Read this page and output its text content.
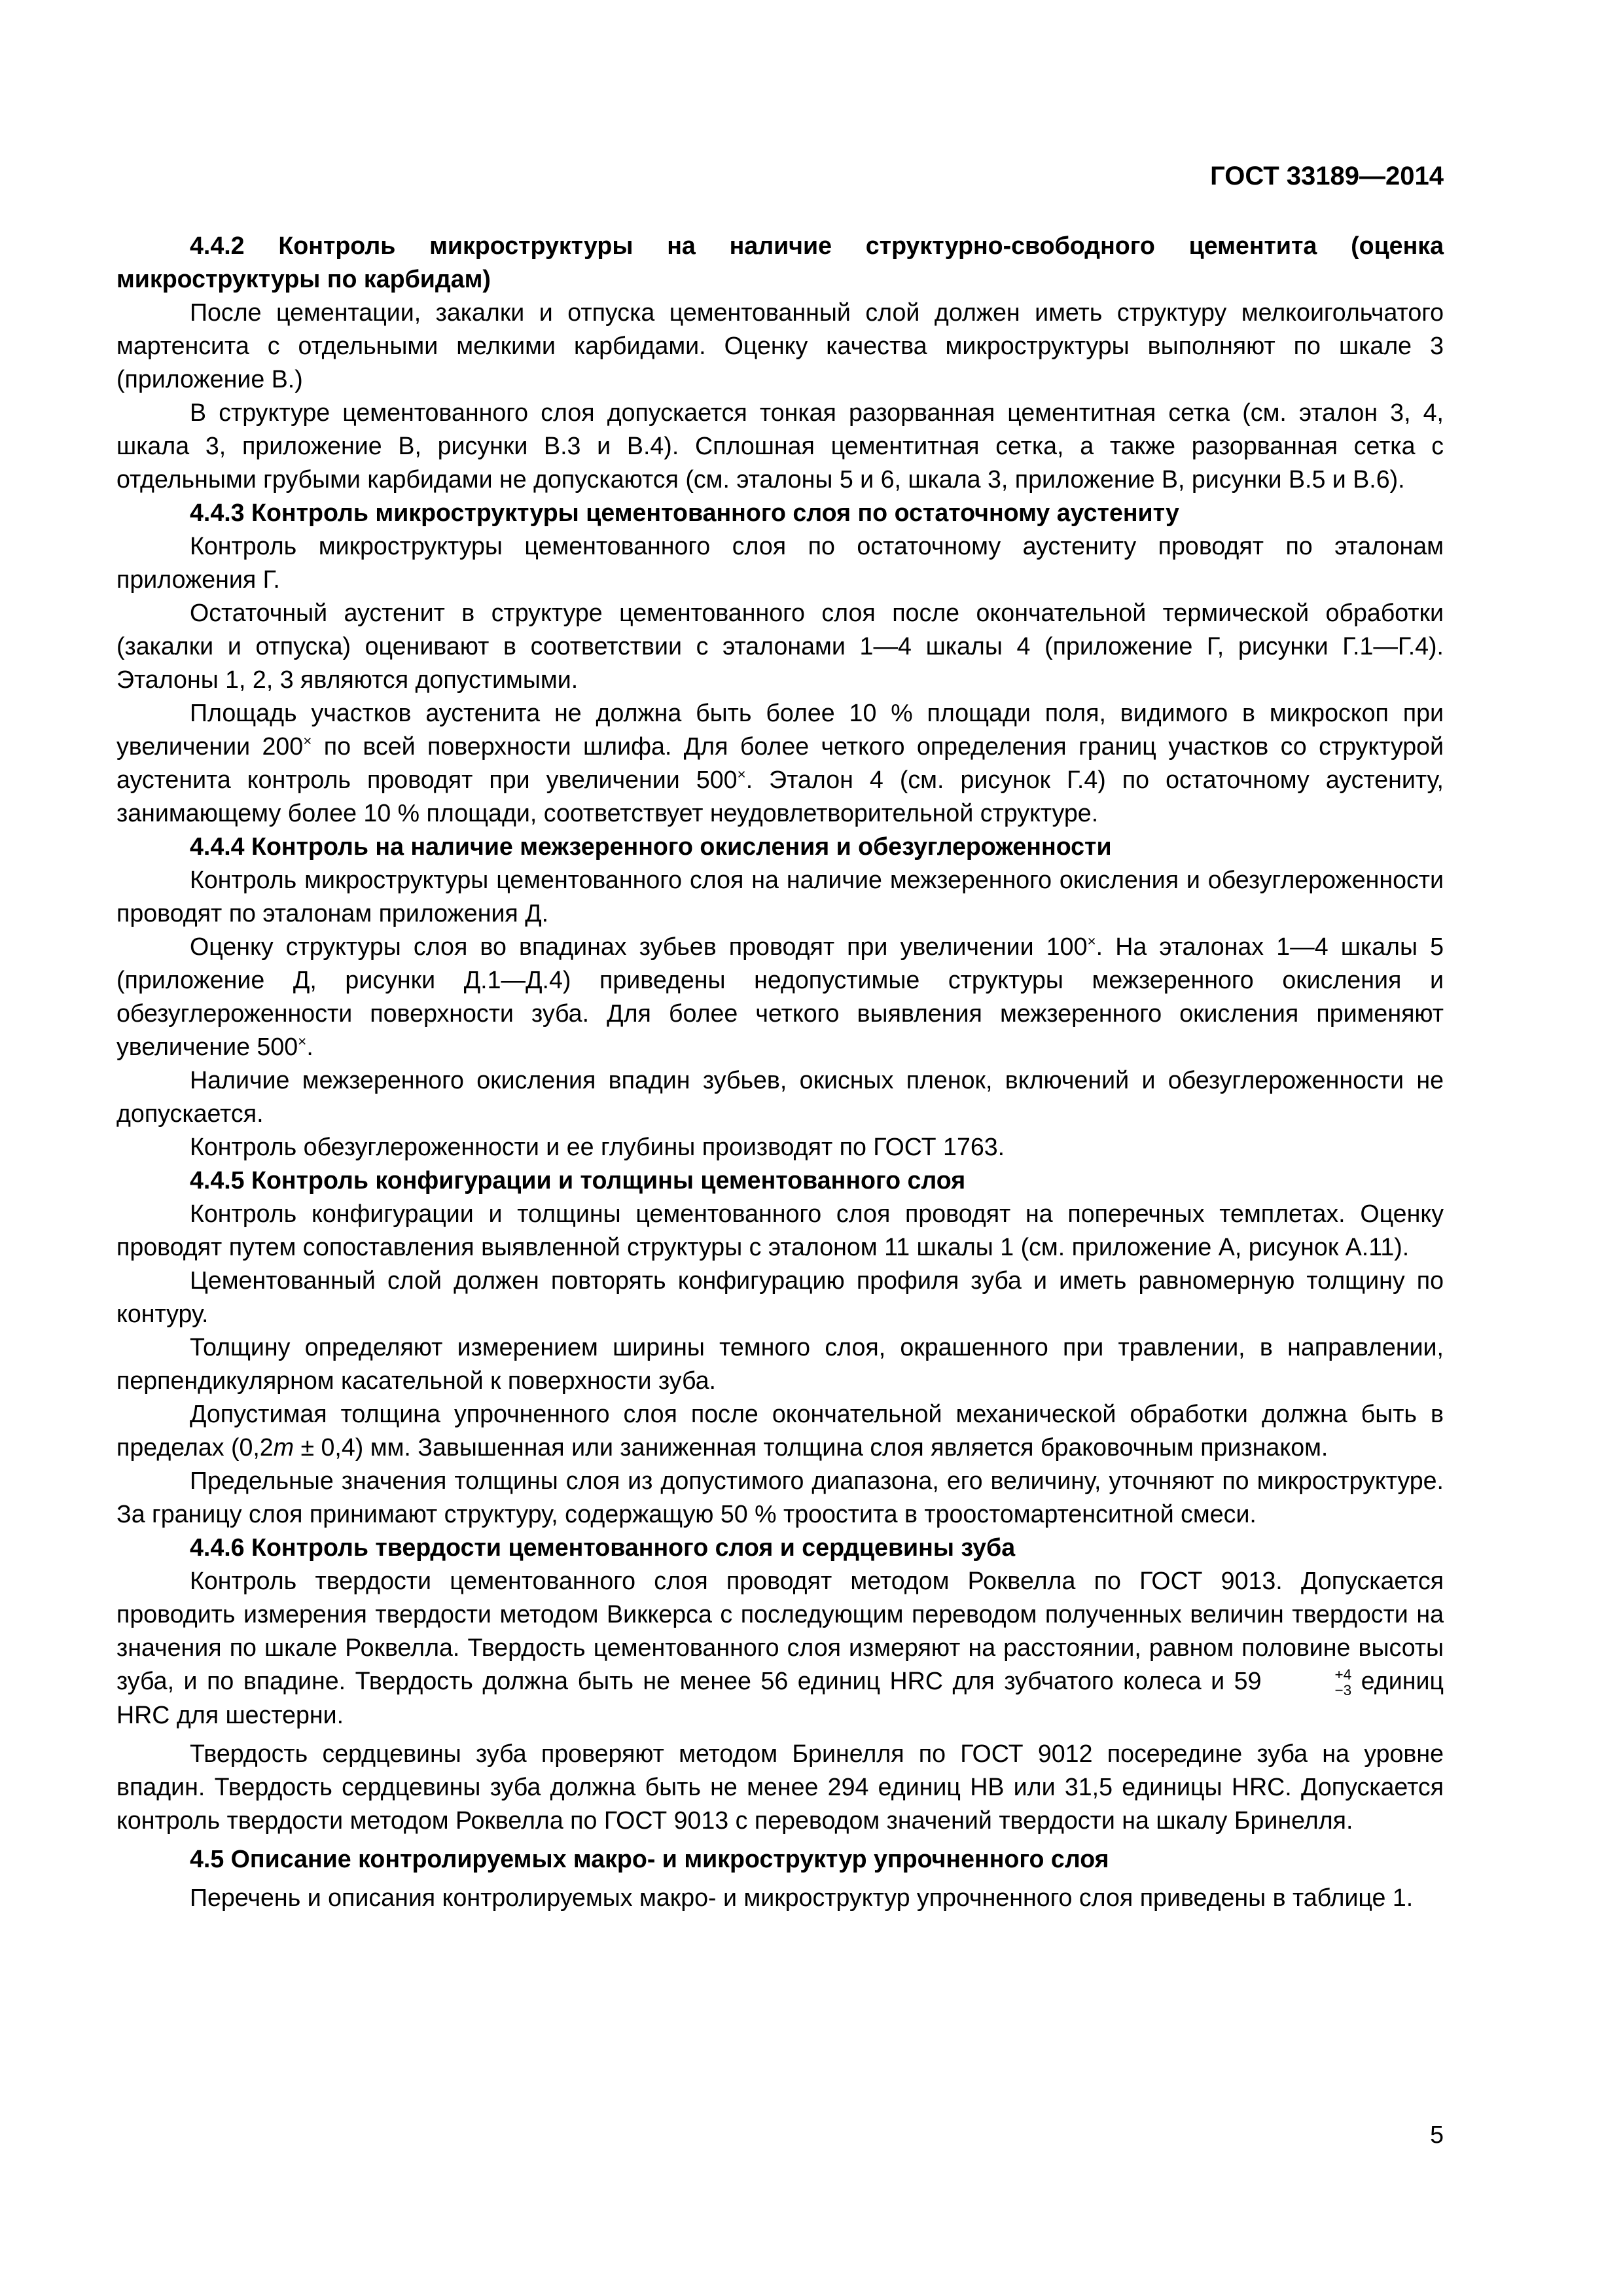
ГОСТ 33189—2014

4.4.2 Контроль микроструктуры на наличие структурно-свободного цементита (оценка микроструктуры по карбидам)

После цементации, закалки и отпуска цементованный слой должен иметь структуру мелкоигольчатого мартенсита с отдельными мелкими карбидами. Оценку качества микроструктуры выполняют по шкале 3 (приложение В.)

В структуре цементованного слоя допускается тонкая разорванная цементитная сетка (см. эталон 3, 4, шкала 3, приложение В, рисунки В.3 и В.4). Сплошная цементитная сетка, а также разорванная сетка с отдельными грубыми карбидами не допускаются (см. эталоны 5 и 6, шкала 3, приложение В, рисунки В.5 и В.6).

4.4.3 Контроль микроструктуры цементованного слоя по остаточному аустениту

Контроль микроструктуры цементованного слоя по остаточному аустениту проводят по эталонам приложения Г.

Остаточный аустенит в структуре цементованного слоя после окончательной термической обработки (закалки и отпуска) оценивают в соответствии с эталонами 1—4 шкалы 4 (приложение Г, рисунки Г.1—Г.4). Эталоны 1, 2, 3 являются допустимыми.

Площадь участков аустенита не должна быть более 10 % площади поля, видимого в микроскоп при увеличении 200× по всей поверхности шлифа. Для более четкого определения границ участков со структурой аустенита контроль проводят при увеличении 500×. Эталон 4 (см. рисунок Г.4) по остаточному аустениту, занимающему более 10 % площади, соответствует неудовлетворительной структуре.

4.4.4 Контроль на наличие межзеренного окисления и обезуглероженности

Контроль микроструктуры цементованного слоя на наличие межзеренного окисления и обезуглероженности проводят по эталонам приложения Д.

Оценку структуры слоя во впадинах зубьев проводят при увеличении 100×. На эталонах 1—4 шкалы 5 (приложение Д, рисунки Д.1—Д.4) приведены недопустимые структуры межзеренного окисления и обезуглероженности поверхности зуба. Для более четкого выявления межзеренного окисления применяют увеличение 500×.

Наличие межзеренного окисления впадин зубьев, окисных пленок, включений и обезуглероженности не допускается.

Контроль обезуглероженности и ее глубины производят по ГОСТ 1763.

4.4.5 Контроль конфигурации и толщины цементованного слоя

Контроль конфигурации и толщины цементованного слоя проводят на поперечных темплетах. Оценку проводят путем сопоставления выявленной структуры с эталоном 11 шкалы 1 (см. приложение А, рисунок А.11).

Цементованный слой должен повторять конфигурацию профиля зуба и иметь равномерную толщину по контуру.

Толщину определяют измерением ширины темного слоя, окрашенного при травлении, в направлении, перпендикулярном касательной к поверхности зуба.

Допустимая толщина упрочненного слоя после окончательной механической обработки должна быть в пределах (0,2m ± 0,4) мм. Завышенная или заниженная толщина слоя является браковочным признаком.

Предельные значения толщины слоя из допустимого диапазона, его величину, уточняют по микроструктуре. За границу слоя принимают структуру, содержащую 50 % троостита в троостомартенситной смеси.

4.4.6 Контроль твердости цементованного слоя и сердцевины зуба

Контроль твердости цементованного слоя проводят методом Роквелла по ГОСТ 9013. Допускается проводить измерения твердости методом Виккерса с последующим переводом полученных величин твердости на значения по шкале Роквелла. Твердость цементованного слоя измеряют на расстоянии, равном половине высоты зуба, и по впадине. Твердость должна быть не менее 56 единиц HRC для зубчатого колеса и 59	+4
−3 единиц HRC для шестерни.

Твердость сердцевины зуба проверяют методом Бринелля по ГОСТ 9012 посередине зуба на уровне впадин. Твердость сердцевины зуба должна быть не менее 294 единиц НВ или 31,5 единицы HRC. Допускается контроль твердости методом Роквелла по ГОСТ 9013 с переводом значений твердости на шкалу Бринелля.

4.5 Описание контролируемых макро- и микроструктур упрочненного слоя

Перечень и описания контролируемых макро- и микроструктур упрочненного слоя приведены в таблице 1.

5
